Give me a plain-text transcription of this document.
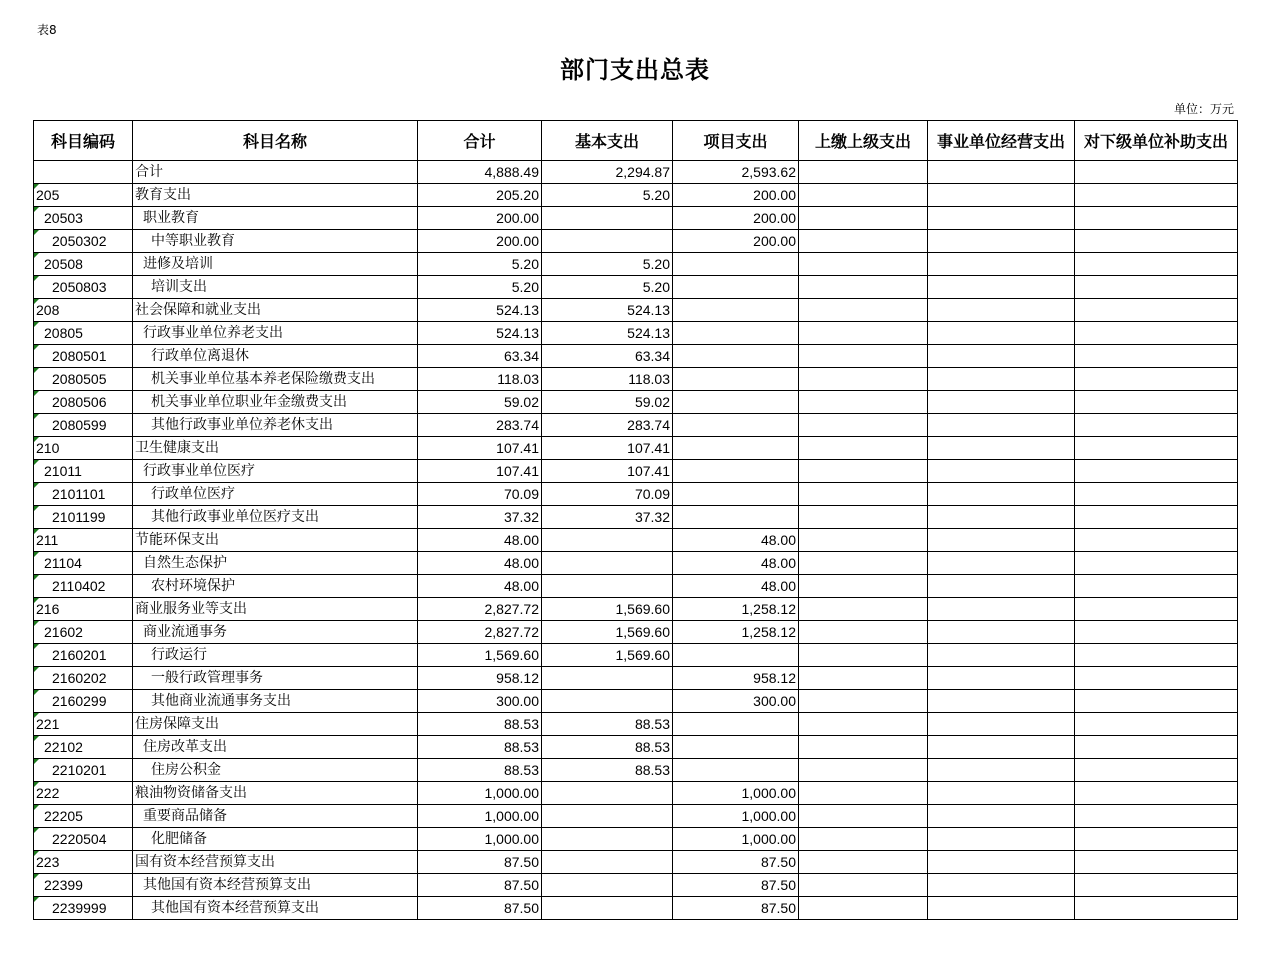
表8
部门支出总表
单位：万元
科目编码	科目名称	合计	基本支出	项目支出	上缴上级支出	事业单位经营支出	对下级单位补助支出
	合计	4,888.49	2,294.87	2,593.62			
205	教育支出	205.20	5.20	200.00			
20503	职业教育	200.00		200.00			
2050302	中等职业教育	200.00		200.00			
20508	进修及培训	5.20	5.20				
2050803	培训支出	5.20	5.20				
208	社会保障和就业支出	524.13	524.13				
20805	行政事业单位养老支出	524.13	524.13				
2080501	行政单位离退休	63.34	63.34				
2080505	机关事业单位基本养老保险缴费支出	118.03	118.03				
2080506	机关事业单位职业年金缴费支出	59.02	59.02				
2080599	其他行政事业单位养老休支出	283.74	283.74				
210	卫生健康支出	107.41	107.41				
21011	行政事业单位医疗	107.41	107.41				
2101101	行政单位医疗	70.09	70.09				
2101199	其他行政事业单位医疗支出	37.32	37.32				
211	节能环保支出	48.00		48.00			
21104	自然生态保护	48.00		48.00			
2110402	农村环境保护	48.00		48.00			
216	商业服务业等支出	2,827.72	1,569.60	1,258.12			
21602	商业流通事务	2,827.72	1,569.60	1,258.12			
2160201	行政运行	1,569.60	1,569.60				
2160202	一般行政管理事务	958.12		958.12			
2160299	其他商业流通事务支出	300.00		300.00			
221	住房保障支出	88.53	88.53				
22102	住房改革支出	88.53	88.53				
2210201	住房公积金	88.53	88.53				
222	粮油物资储备支出	1,000.00		1,000.00			
22205	重要商品储备	1,000.00		1,000.00			
2220504	化肥储备	1,000.00		1,000.00			
223	国有资本经营预算支出	87.50		87.50			
22399	其他国有资本经营预算支出	87.50		87.50			
2239999	其他国有资本经营预算支出	87.50		87.50			
